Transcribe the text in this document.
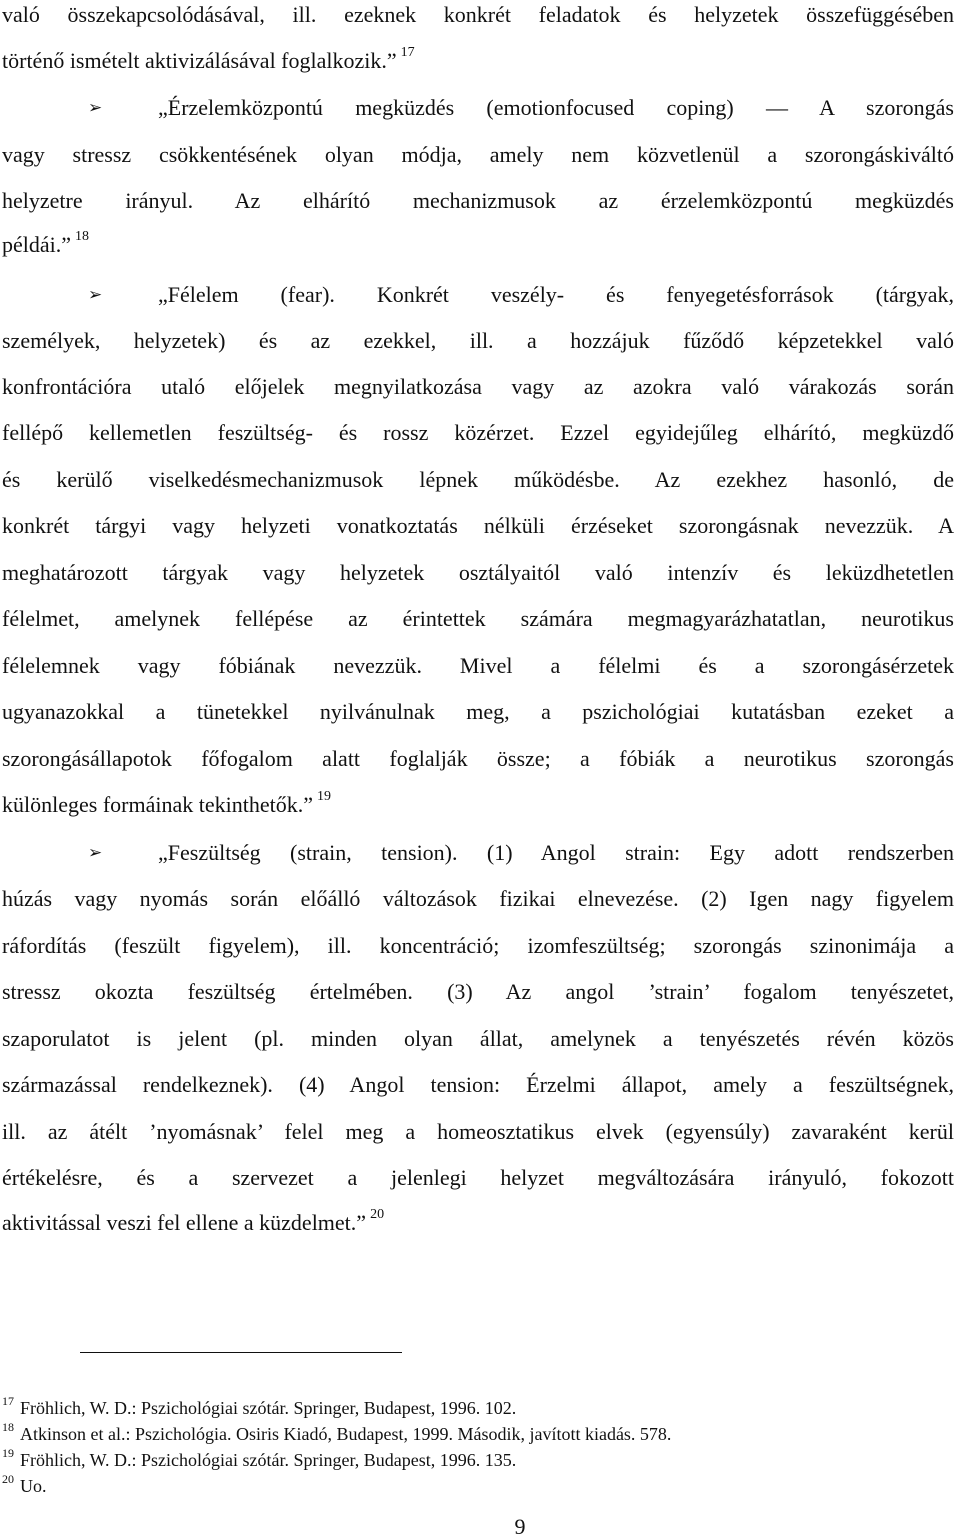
való összekapcsolódásával, ill. ezeknek konkrét feladatok és helyzetek összefüggésében
történő ismételt aktivizálásával foglalkozik.” $^{17}$
➢	„Érzelemközpontú megküzdés (emotionfocused coping) ― A szorongás
vagy stressz csökkentésének olyan módja, amely nem közvetlenül a szorongáskiváltó
helyzetre irányul. Az elhárító mechanizmusok az érzelemközpontú megküzdés
példái.” $^{18}$
➢	„Félelem (fear). Konkrét veszély- és fenyegetésforrások (tárgyak,
személyek, helyzetek) és az ezekkel, ill. a hozzájuk fűződő képzetekkel való
konfrontációra utaló előjelek megnyilatkozása vagy az azokra való várakozás során
fellépő kellemetlen feszültség- és rossz közérzet. Ezzel egyidejűleg elhárító, megküzdő
és kerülő viselkedésmechanizmusok lépnek működésbe. Az ezekhez hasonló, de
konkrét tárgyi vagy helyzeti vonatkoztatás nélküli érzéseket szorongásnak nevezzük. A
meghatározott tárgyak vagy helyzetek osztályaitól való intenzív és leküzdhetetlen
félelmet, amelynek fellépése az érintettek számára megmagyarázhatatlan, neurotikus
félelemnek vagy fóbiának nevezzük. Mivel a félelmi és a szorongásérzetek
ugyanazokkal a tünetekkel nyilvánulnak meg, a pszichológiai kutatásban ezeket a
szorongásállapotok főfogalom alatt foglalják össze; a fóbiák a neurotikus szorongás
különleges formáinak tekinthetők.” $^{19}$
➢	„Feszültség (strain, tension). (1) Angol strain: Egy adott rendszerben
húzás vagy nyomás során előálló változások fizikai elnevezése. (2) Igen nagy figyelem
ráfordítás (feszült figyelem), ill. koncentráció; izomfeszültség; szorongás szinonimája a
stressz okozta feszültség értelmében. (3) Az angol ’strain’ fogalom tenyészetet,
szaporulatot is jelent (pl. minden olyan állat, amelynek a tenyészetés révén közös
származással rendelkeznek). (4) Angol tension: Érzelmi állapot, amely a feszültségnek,
ill. az átélt ’nyomásnak’ felel meg a homeosztatikus elvek (egyensúly) zavaraként kerül
értékelésre, és a szervezet a jelenlegi helyzet megváltozására irányuló, fokozott
aktivitással veszi fel ellene a küzdelmet.” $^{20}$
$^{17}$ Fröhlich, W. D.: Pszichológiai szótár. Springer, Budapest, 1996. 102.
$^{18}$ Atkinson et al.: Pszichológia. Osiris Kiadó, Budapest, 1999. Második, javított kiadás. 578.
$^{19}$ Fröhlich, W. D.: Pszichológiai szótár. Springer, Budapest, 1996. 135.
$^{20}$ Uo.
9
